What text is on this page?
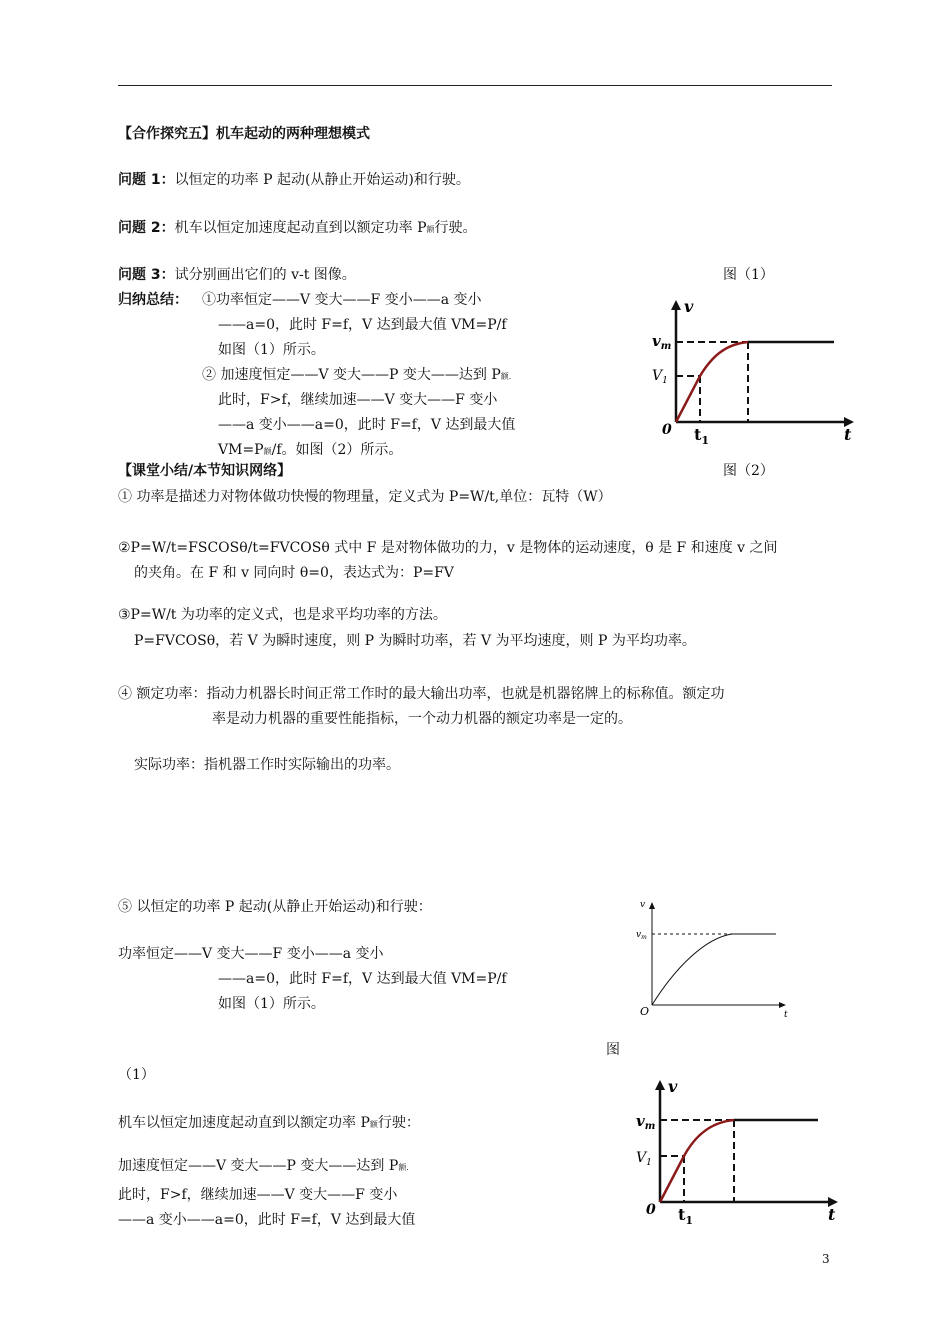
【合作探究五】机车起动的两种理想模式
问题 1：以恒定的功率 P 起动(从静止开始运动)和行驶。
问题 2：机车以恒定加速度起动直到以额定功率 P额行驶。
问题 3：试分别画出它们的 v-t 图像。	图（1）
归纳总结： ①功率恒定——V 变大——F 变小——a 变小
——a=0，此时 F=f，V 达到最大值 VM=P/f
如图（1）所示。
② 加速度恒定——V 变大——P 变大——达到 P额.
此时，F>f，继续加速——V 变大——F 变小
——a 变小——a=0，此时 F=f，V 达到最大值
VM=P额/f。如图（2）所示。
v
$v_m$
$V_1$
0 $t_1$	t
【课堂小结/本节知识网络】	图（2）
① 功率是描述力对物体做功快慢的物理量，定义式为 P=W/t,单位：瓦特（W）
②P=W/t=FSCOSθ/t=FVCOSθ 式中 F 是对物体做功的力，v 是物体的运动速度，θ 是 F 和速度 v 之间
的夹角。在 F 和 v 同向时 θ=0，表达式为：P=FV
③P=W/t 为功率的定义式，也是求平均功率的方法。
P=FVCOSθ，若 V 为瞬时速度，则 P 为瞬时功率，若 V 为平均速度，则 P 为平均功率。
④ 额定功率：指动力机器长时间正常工作时的最大输出功率，也就是机器铭牌上的标称值。额定功
率是动力机器的重要性能指标，一个动力机器的额定功率是一定的。
实际功率：指机器工作时实际输出的功率。
⑤ 以恒定的功率 P 起动(从静止开始运动)和行驶：
功率恒定——V 变大——F 变小——a 变小
——a=0，此时 F=f，V 达到最大值 VM=P/f
如图（1）所示。
v
$v_m$
O	t
图
（1）
机车以恒定加速度起动直到以额定功率 P额行驶：
加速度恒定——V 变大——P 变大——达到 P额.
此时，F>f，继续加速——V 变大——F 变小
——a 变小——a=0，此时 F=f，V 达到最大值
v
$v_m$
$V_1$
0 $t_1$	t
3
